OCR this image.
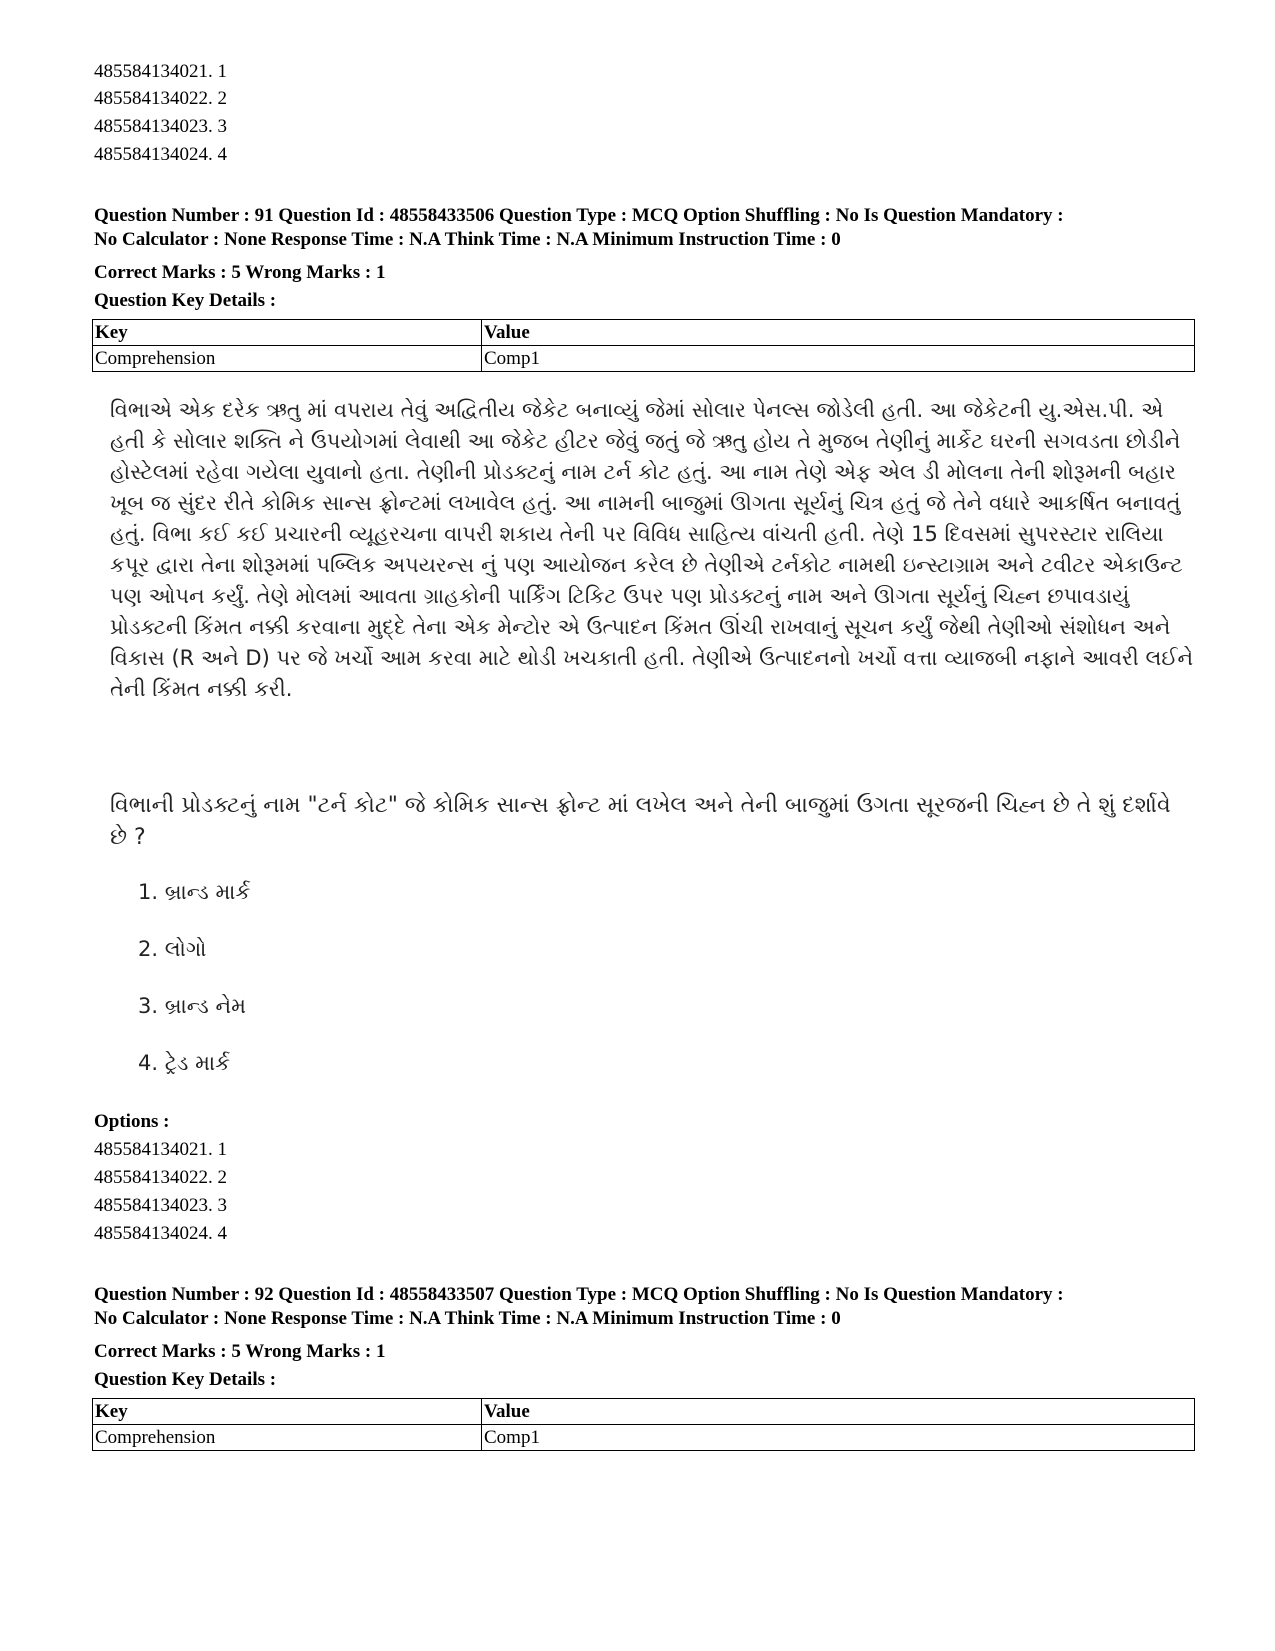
485584134021. 1
485584134022. 2
485584134023. 3
485584134024. 4
Question Number : 91 Question Id : 48558433506 Question Type : MCQ Option Shuffling : No Is Question Mandatory :
No Calculator : None Response Time : N.A Think Time : N.A Minimum Instruction Time : 0
Correct Marks : 5 Wrong Marks : 1
Question Key Details :
Key	Value
Comprehension	Comp1
વિભાએ એક દરેક ઋતુ માં વપરાય તેવું અદ્વિતીય જેકેટ બનાવ્યું જેમાં સોલાર પેનલ્સ જોડેલી હતી. આ જેકેટની યુ.એસ.પી. એ હતી કે સોલાર શક્તિ ને ઉપયોગમાં લેવાથી આ જેકેટ હીટર જેવું જતું જે ઋતુ હોય તે મુજબ તેણીનું માર્કેટ ઘરની સગવડતા છોડીને હોસ્ટેલમાં રહેવા ગયેલા યુવાનો હતા. તેણીની પ્રોડક્ટનું નામ ટર્ન કોટ હતું. આ નામ તેણે એફ એલ ડી મોલના તેની શોરૂમની બહાર ખૂબ જ સુંદર રીતે કોમિક સાન્સ ફ્રોન્ટમાં લખાવેલ હતું. આ નામની બાજુમાં ઊગતા સૂર્યનું ચિત્ર હતું જે તેને વધારે આકર્ષિત બનાવતું હતું. વિભા કઈ કઈ પ્રચારની વ્યૂહરચના વાપરી શકાય તેની પર વિવિધ સાહિત્ય વાંચતી હતી. તેણે 15 દિવસમાં સુપરસ્ટાર રાલિયા કપૂર દ્વારા તેના શોરૂમમાં પબ્લિક અપયરન્સ નું પણ આયોજન કરેલ છે તેણીએ ટર્નકોટ નામથી ઇન્સ્ટાગ્રામ અને ટવીટર એકાઉન્ટ પણ ઓપન કર્યું. તેણે મોલમાં આવતા ગ્રાહકોની પાર્કિંગ ટિકિટ ઉપર પણ પ્રોડક્ટનું નામ અને ઊગતા સૂર્યનું ચિહ્ન છપાવડાયું પ્રોડક્ટની કિંમત નક્કી કરવાના મુદ્દે તેના એક મેન્ટોર એ ઉત્પાદન કિંમત ઊંચી રાખવાનું સૂચન કર્યું જેથી તેણીઓ સંશોધન અને વિકાસ (R અને D) પર જે ખર્ચો આમ કરવા માટે થોડી ખચકાતી હતી. તેણીએ ઉત્પાદનનો ખર્ચો વત્તા વ્યાજબી નફાને આવરી લઈને તેની કિંમત નક્કી કરી.
વિભાની પ્રોડક્ટનું નામ "ટર્ન કોટ" જે કોમિક સાન્સ ફ્રોન્ટ માં લખેલ અને તેની બાજુમાં ઉગતા સૂરજની ચિહ્ન છે તે શું દર્શાવે છે ?
1. બ્રાન્ડ માર્ક
2. લોગો
3. બ્રાન્ડ નેમ
4. ટ્રેડ માર્ક
Options :
485584134021. 1
485584134022. 2
485584134023. 3
485584134024. 4
Question Number : 92 Question Id : 48558433507 Question Type : MCQ Option Shuffling : No Is Question Mandatory :
No Calculator : None Response Time : N.A Think Time : N.A Minimum Instruction Time : 0
Correct Marks : 5 Wrong Marks : 1
Question Key Details :
Key	Value
Comprehension	Comp1
